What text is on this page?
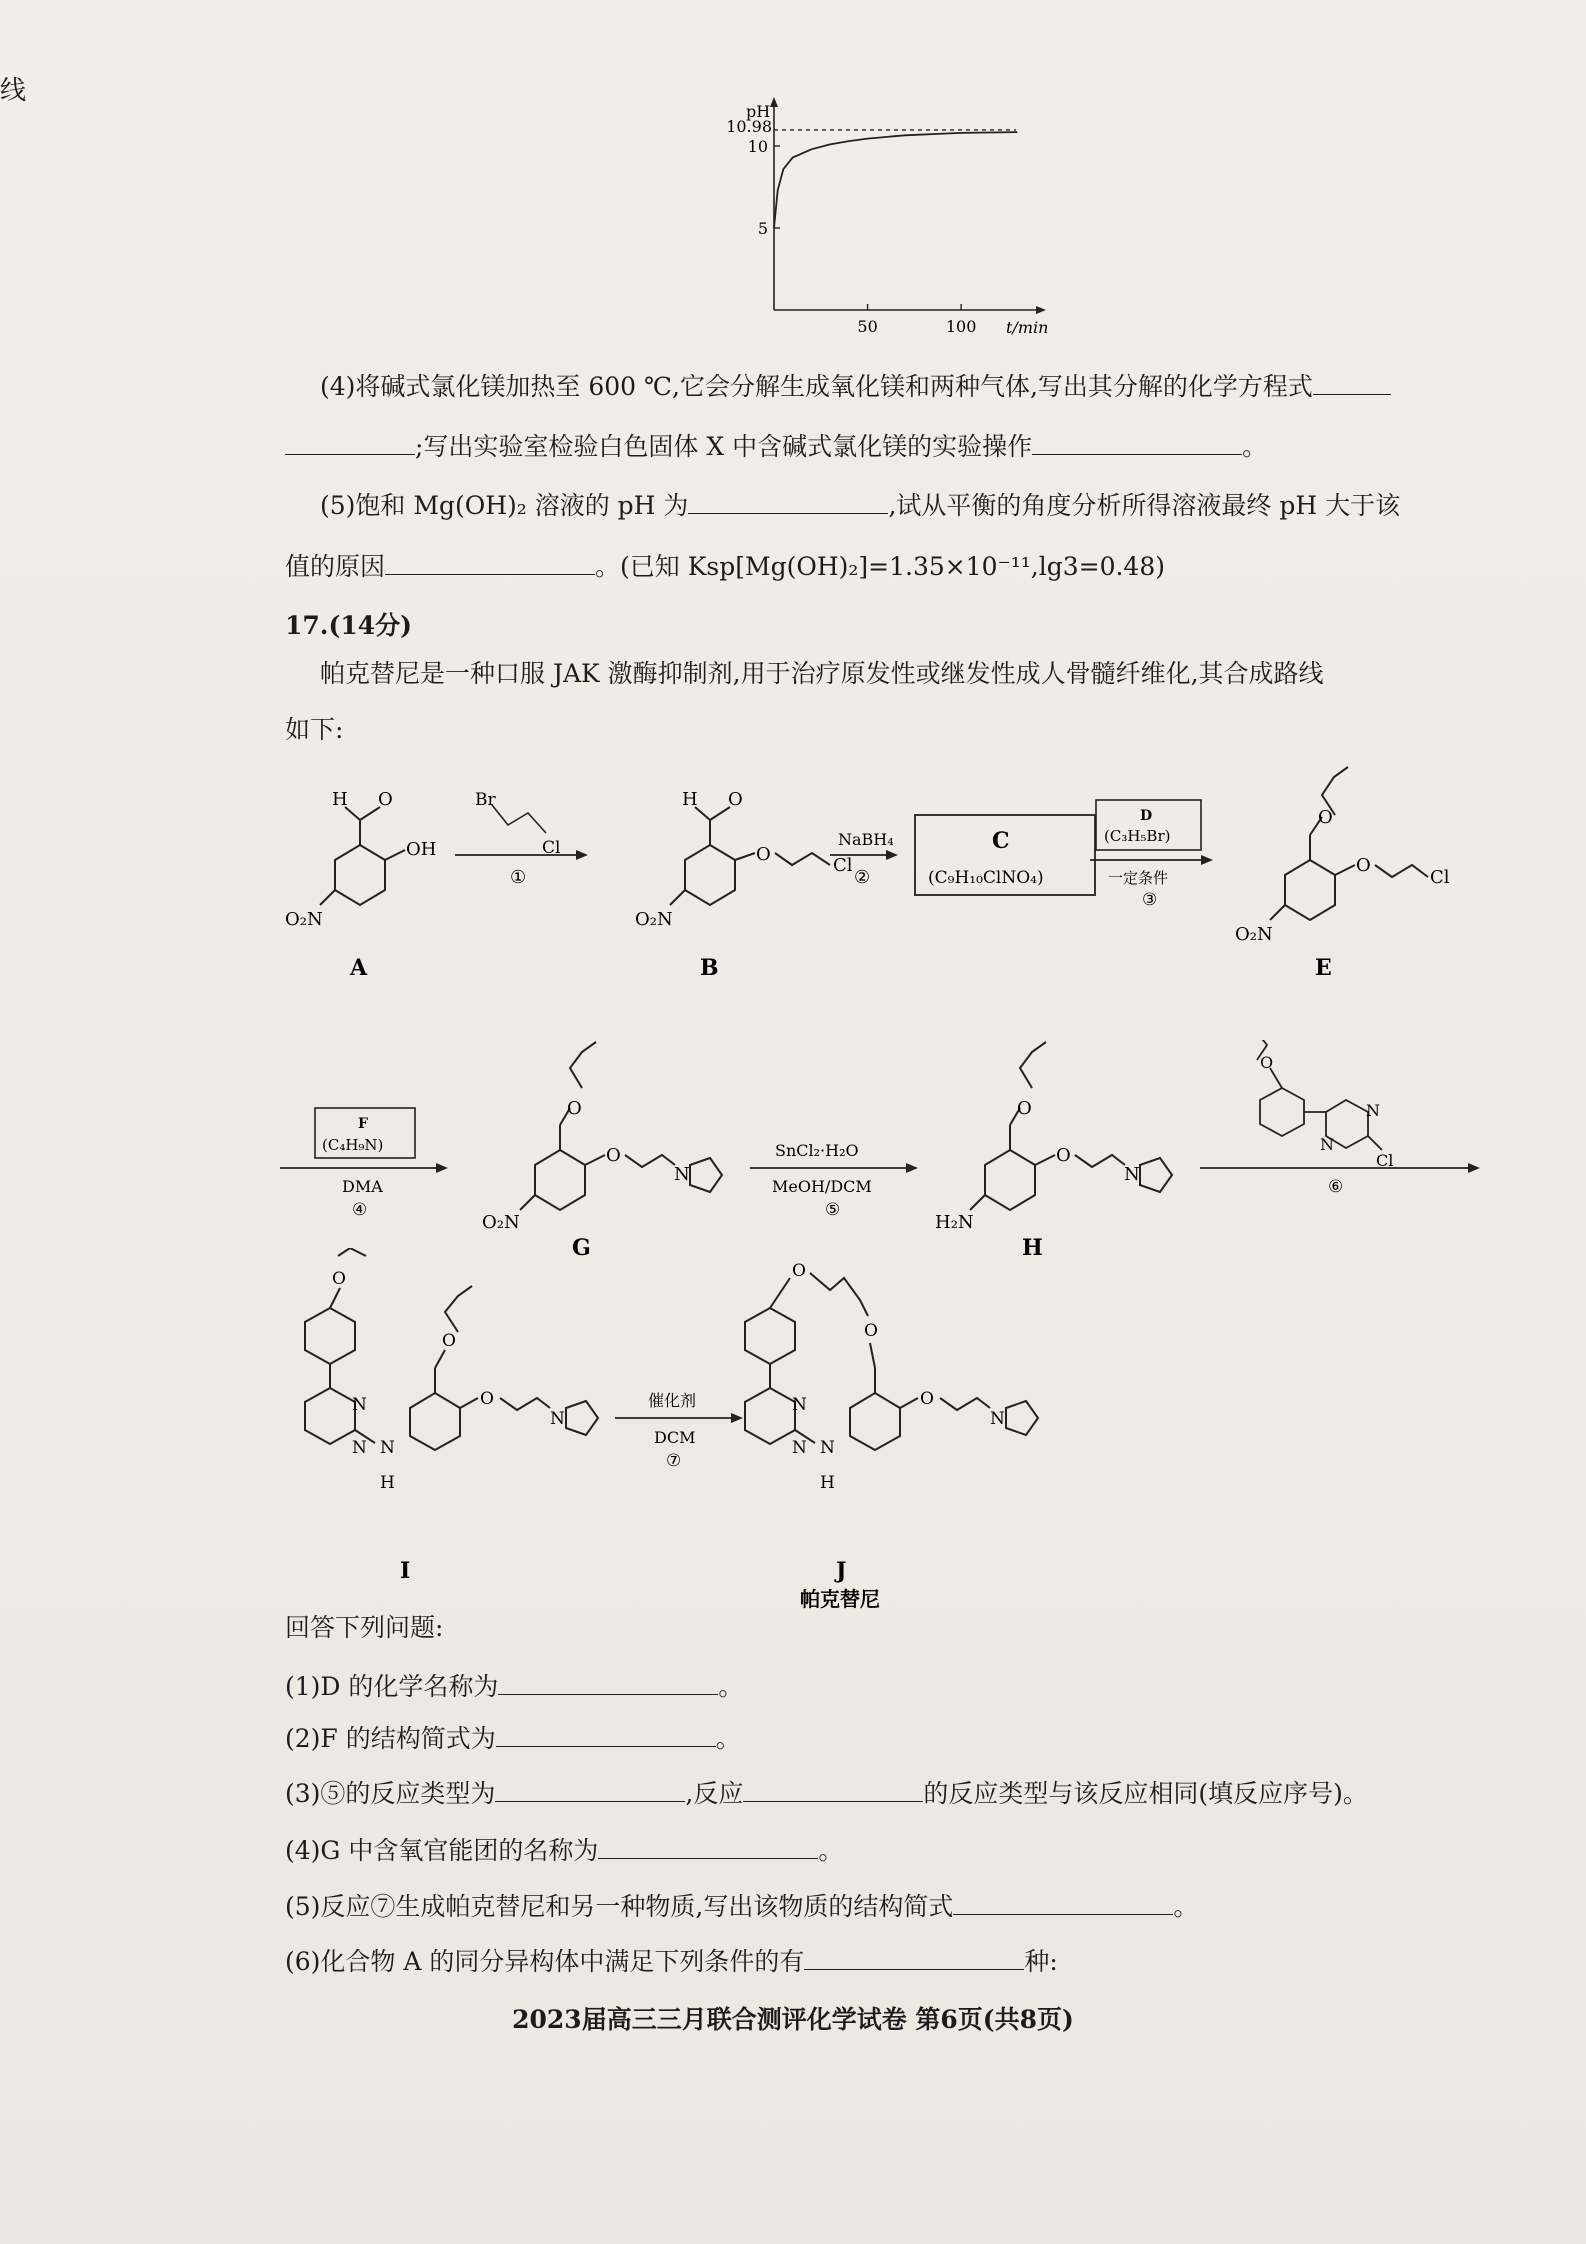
线
pH
t/min
50	100
5
10
10.98
(4)将碱式氯化镁加热至 600 ℃,它会分解生成氧化镁和两种气体,写出其分解的化学方程式
;写出实验室检验白色固体 X 中含碱式氯化镁的实验操作	。
(5)饱和 Mg(OH)₂ 溶液的 pH 为	,试从平衡的角度分析所得溶液最终 pH 大于该
值的原因	。(已知 Ksp[Mg(OH)₂]=1.35×10⁻¹¹,lg3=0.48)
17.(14分)
帕克替尼是一种口服 JAK 激酶抑制剂,用于治疗原发性或继发性成人骨髓纤维化,其合成路线
如下:
H O
OH
O₂N
A
Br
Cl
①
H O
O
Cl
O₂N
B
NaBH₄
②
C
(C₉H₁₀ClNO₄)
D
(C₃H₅Br)
一定条件
③
O
O
Cl
O₂N
E
F
(C₄H₉N)
DMA
④
O
O
N
O₂N
G
SnCl₂·H₂O
MeOH/DCM
⑤
O
O
N
H₂N
H
O
N
N
Cl
⑥
O
N
N N
H
O
O
N
I
催化剂
DCM
⑦
O
O
N
N N
H
O
N
J
帕克替尼
回答下列问题:
(1)D 的化学名称为	。
(2)F 的结构简式为	。
(3)⑤的反应类型为	,反应	的反应类型与该反应相同(填反应序号)。
(4)G 中含氧官能团的名称为	。
(5)反应⑦生成帕克替尼和另一种物质,写出该物质的结构简式	。
(6)化合物 A 的同分异构体中满足下列条件的有	种:
2023届高三三月联合测评化学试卷 第6页(共8页)
